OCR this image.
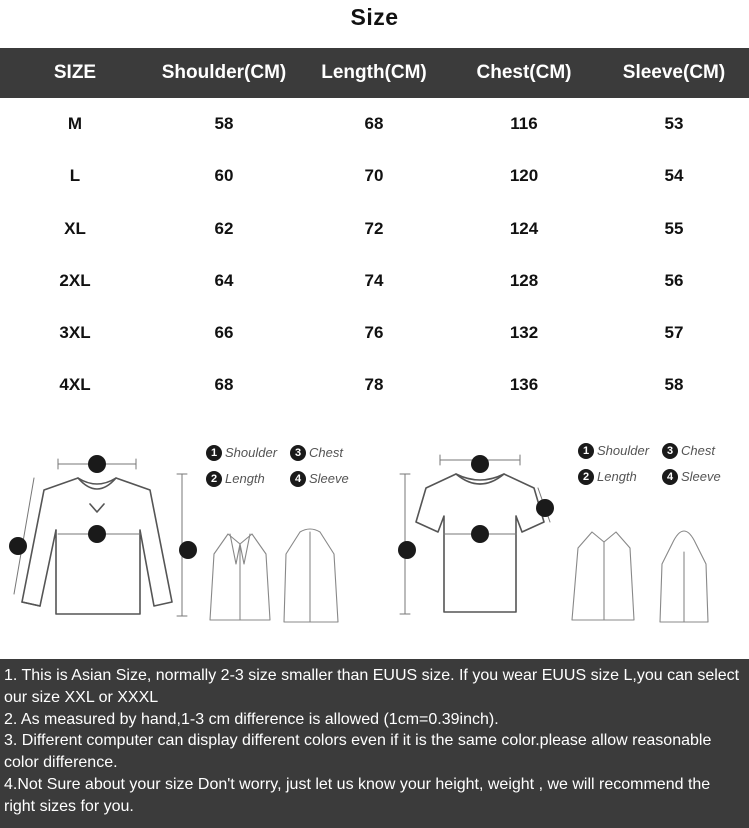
Size
SIZE	Shoulder(CM)	Length(CM)	Chest(CM)	Sleeve(CM)
M	58	68	116	53
L	60	70	120	54
XL	62	72	124	55
2XL	64	74	128	56
3XL	66	76	132	57
4XL	68	78	136	58
1 Shoulder	3 Chest
2 Length	4 Sleeve
1 Shoulder	3 Chest
2 Length	4 Sleeve

1. This is Asian Size, normally 2-3 size smaller than EUUS size. If you wear EUUS size L,you can select our size XXL or XXXL

2. As measured by hand,1-3 cm difference is allowed (1cm=0.39inch).

3. Different computer can display different colors even if it is the same color.please allow reasonable color difference.

4.Not Sure about your size Don't worry, just let us know your height, weight , we will recommend the right sizes for you.
